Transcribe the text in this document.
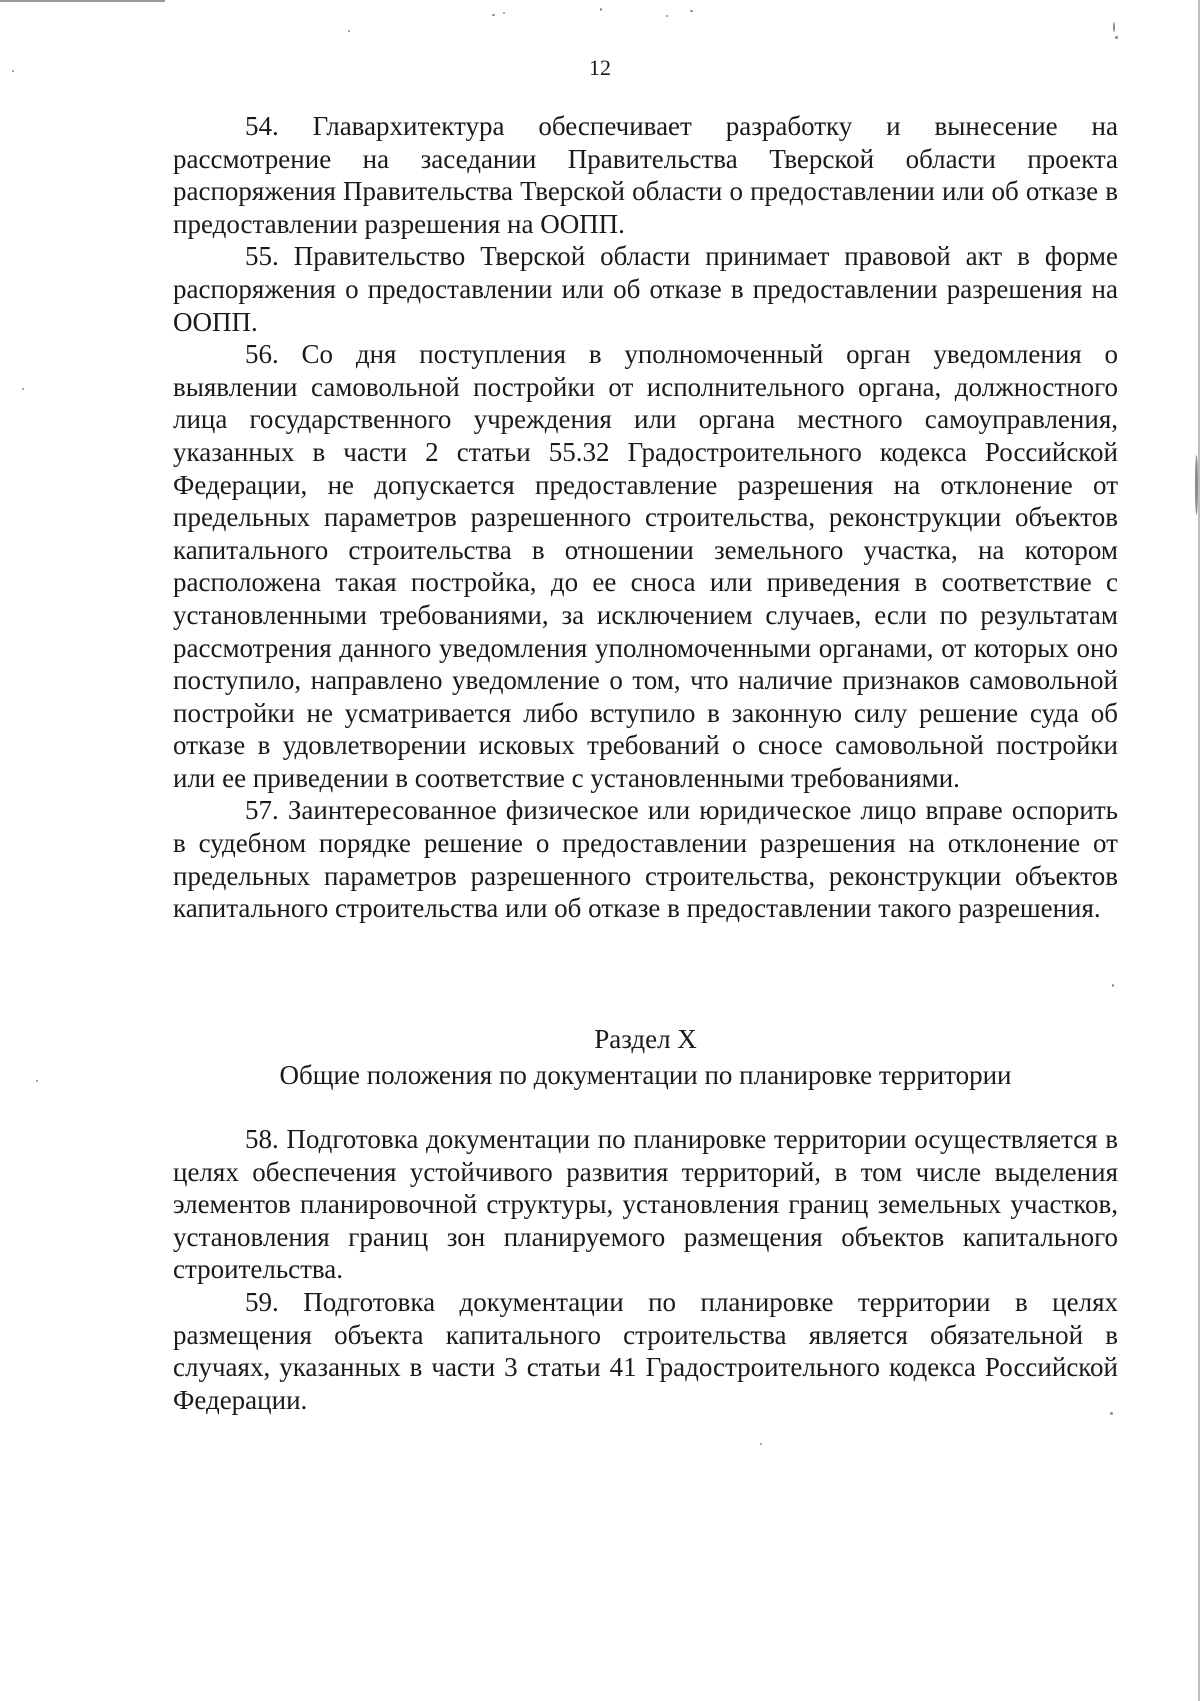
12

54. Главархитектура обеспечивает разработку и вынесение на рассмотрение на заседании Правительства Тверской области проекта распоряжения Правительства Тверской области о предоставлении или об отказе в предоставлении разрешения на ООПП.

55. Правительство Тверской области принимает правовой акт в форме распоряжения о предоставлении или об отказе в предоставлении разрешения на ООПП.

56. Со дня поступления в уполномоченный орган уведомления о выявлении самовольной постройки от исполнительного органа, должностного лица государственного учреждения или органа местного самоуправления, указанных в части 2 статьи 55.32 Градостроительного кодекса Российской Федерации, не допускается предоставление разрешения на отклонение от предельных параметров разрешенного строительства, реконструкции объектов капитального строительства в отношении земельного участка, на котором расположена такая постройка, до ее сноса или приведения в соответствие с установленными требованиями, за исключением случаев, если по результатам рассмотрения данного уведомления уполномоченными органами, от которых оно поступило, направлено уведомление о том, что наличие признаков самовольной постройки не усматривается либо вступило в законную силу решение суда об отказе в удовлетворении исковых требований о сносе самовольной постройки или ее приведении в соответствие с установленными требованиями.

57. Заинтересованное физическое или юридическое лицо вправе оспорить в судебном порядке решение о предоставлении разрешения на отклонение от предельных параметров разрешенного строительства, реконструкции объектов капитального строительства или об отказе в предоставлении такого разрешения.

Раздел X

Общие положения по документации по планировке территории

58. Подготовка документации по планировке территории осуществляется в целях обеспечения устойчивого развития территорий, в том числе выделения элементов планировочной структуры, установления границ земельных участков, установления границ зон планируемого размещения объектов капитального строительства.

59. Подготовка документации по планировке территории в целях размещения объекта капитального строительства является обязательной в случаях, указанных в части 3 статьи 41 Градостроительного кодекса Российской Федерации.
